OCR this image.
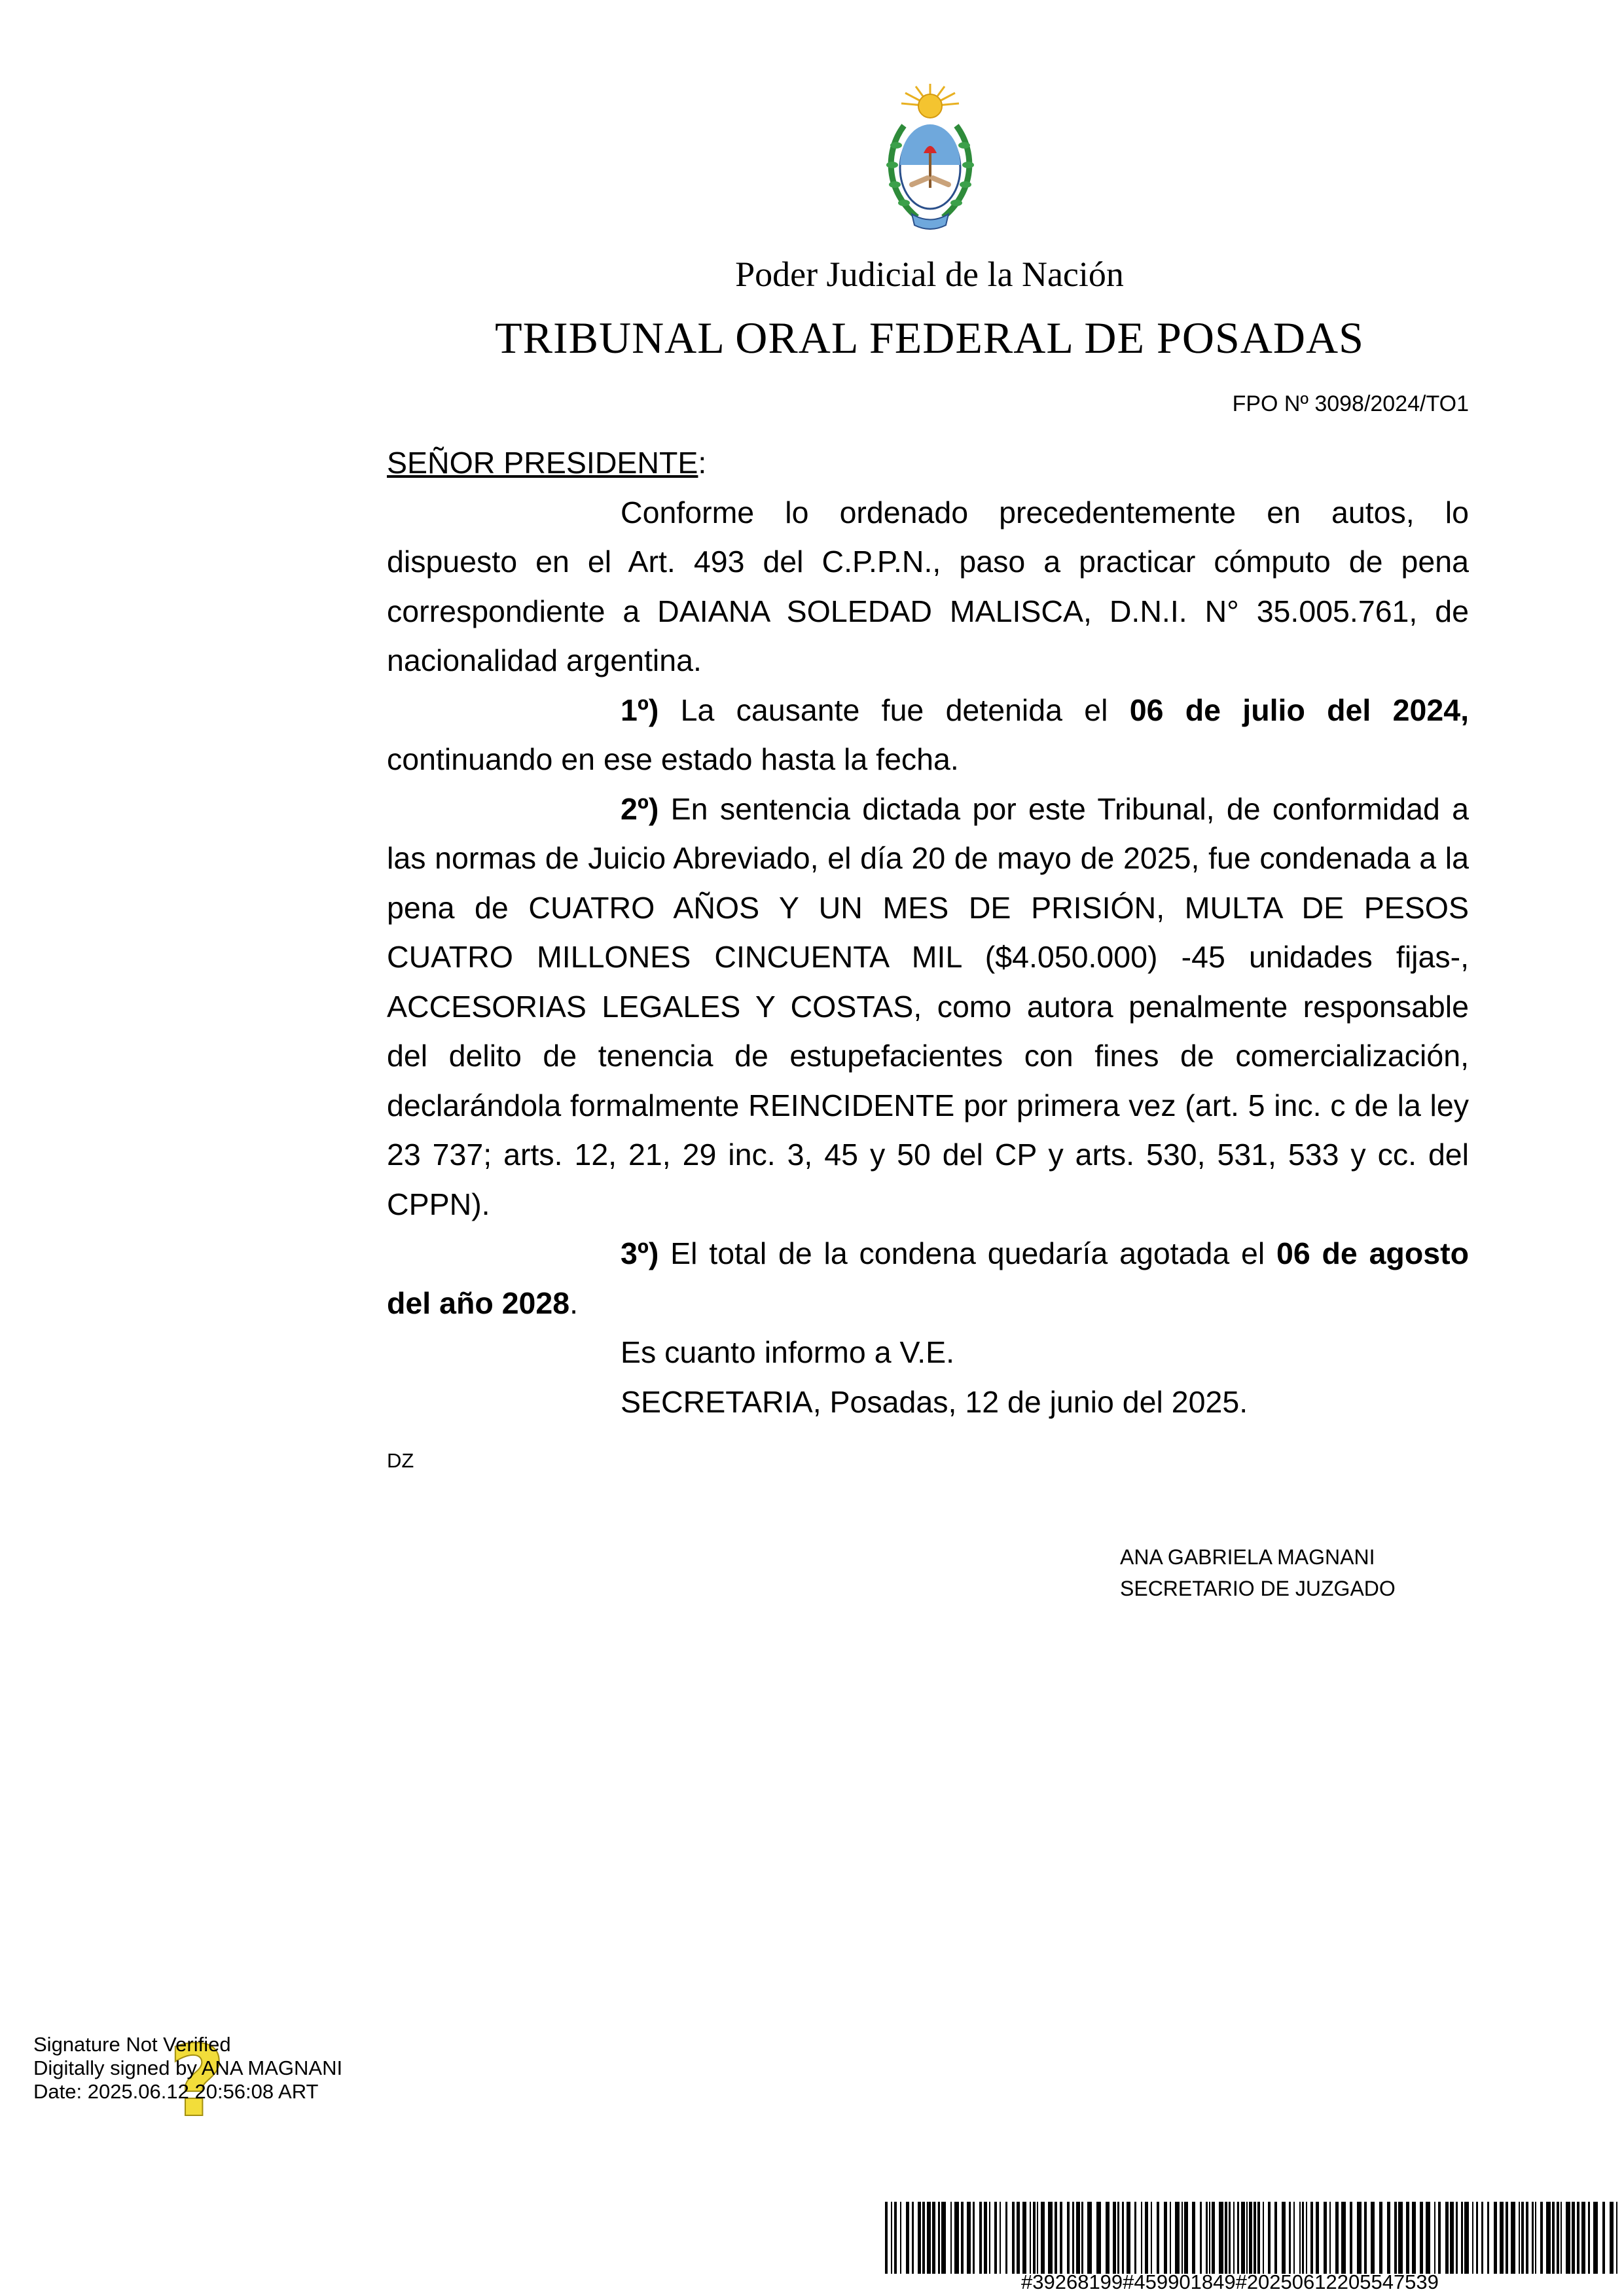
Poder Judicial de la Nación
TRIBUNAL ORAL FEDERAL DE POSADAS
FPO Nº 3098/2024/TO1

SEÑOR PRESIDENTE:

Conforme lo ordenado precedentemente en autos, lo dispuesto en el Art. 493 del C.P.P.N., paso a practicar cómputo de pena correspondiente a DAIANA SOLEDAD MALISCA, D.N.I. N° 35.005.761, de nacionalidad argentina.

1º) La causante fue detenida el 06 de julio del 2024, continuando en ese estado hasta la fecha.

2º) En sentencia dictada por este Tribunal, de conformidad a las normas de Juicio Abreviado, el día 20 de mayo de 2025, fue condenada a la pena de CUATRO AÑOS Y UN MES DE PRISIÓN, MULTA DE PESOS CUATRO MILLONES CINCUENTA MIL ($4.050.000) -45 unidades fijas-, ACCESORIAS LEGALES Y COSTAS, como autora penalmente responsable del delito de tenencia de estupefacientes con fines de comercialización, declarándola formalmente REINCIDENTE por primera vez (art. 5 inc. c de la ley 23 737; arts. 12, 21, 29 inc. 3, 45 y 50 del CP y arts. 530, 531, 533 y cc. del CPPN).

3º) El total de la condena quedaría agotada el 06 de agosto del año 2028.

Es cuanto informo a V.E.

SECRETARIA, Posadas, 12 de junio del 2025.

DZ
ANA GABRIELA MAGNANI
SECRETARIO DE JUZGADO
?
Signature Not Verified
Digitally signed by ANA MAGNANI
Date: 2025.06.12 20:56:08 ART
#39268199#459901849#20250612205547539
